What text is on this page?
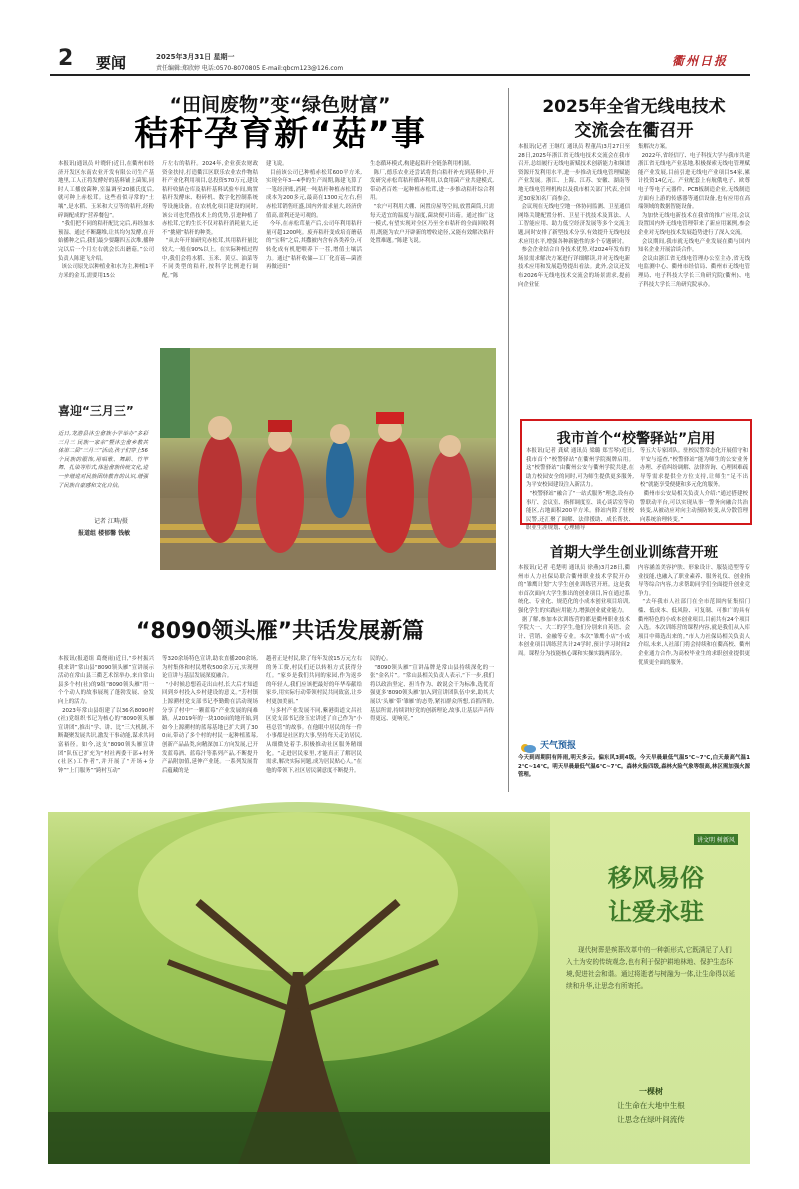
2 要闻	2025年3月31日 星期一
责任编辑:郑欣婷 电话:0570-8070805 E-mail:qbcm123@126.com
衢州日报
“田间废物”变“绿色财富”
秸秆孕育新“菇”事
本报讯(通讯员 叶晓轩)近日,在衢州市经济开发区东南农业开发有限公司生产基地里,工人正将发酵好的基料铺上菌架,同时人工播放菌种,室温调至20摄氏度后,就可种上赤松茸。这些看似寻常的“土壤”,是水稻、玉米和大豆等的秸秆,经粉碎调配成的“营养餐包”。
“我们把不同的秸秆配比完后,再经加水预湿、通过不断翻堆,让其均匀发酵,在开始播种之后,我们最少要翻四五次堆,播种完以后一个月左右就会长出蘑菇。”公司负责人陈建飞介绍。
该公司原先以种植业和水为主,种植1平方米的金耳,需要用15公
斤左右的秸秆。2024年,企业获农财政资金扶持,打造衢江区联乐农业农作物秸秆产业化利用项目,总投资570万元,建设秸秆收储仓库及秸秆基料试验车间,购置秸秆发酵床、粉碎机、数字化控制系统等设施设备。在农机化项目建设的同时,该公司也凭借技术上的优势,引进种植了赤松茸,它的生长不仅对秸秆消耗量大,还不“挑剔”秸秆的种类。
“从去年开始研究赤松茸,其用秸秆量比较大,一般在90%以上。在实际种植过程中,我们会将水稻、玉米、黄豆、油菜等不同类型的秸秆,按科学比例进行调配。”陈
建飞说。
目前该公司已种植赤松茸600平方米,实现全年3—4季的生产周期,陈建飞算了一笔经济账,消耗一吨秸秆种植赤松茸的成本为200多元,最高在1300元左右,但赤松茸销售旺盛,国内外需求量大,经济价值高,盈利还是可观的。
今年,在赤松茸量产后,公司年利用秸秆量可超1200吨。废弃秸秆变成培育蘑菇的“宝料”之后,其撒被内含有各类养分,可转化成有机肥喂养下一茬,增值土壤活力。通过“秸秆收储—工厂化育菇—菌渣再做还田”
生态循环模式,构建起秸秆全链条利用机制。
陈厂,德乐农业还尝试将贵白秸秆补充到基料中,开发研究赤松茸秸秆循环利用,以食用菌产业共建模式,带动者百姓一起种植赤松茸,进一步推动秸秆综合利用。
“农户可利用大棚、闲置房屋等空间,放置菌筒,只需每天适宜的温度与湿度,菌块便可出菇。通过推广这一模式,有望实现对全区乃至全市秸秆的全面回收利用,既能为农户开辟新的增收途径,又能有效解决秸秆处置难题。”陈建飞说。
喜迎“三月三”
近日,龙游县沐尘畲族小学举办“多彩三月三 民族一家亲”暨沐尘畲乡教共体第二届“三月三”活动,孩子们穿上56个民族的服饰,用唱歌、舞蹈、竹竿舞、扎染等形式,体验畲族传统文化,进一步增进对民族团结教育的认识,增强了民族自豪感和文化自信。
记者 江畴/摄
报道组 楼郁馨 钱敏
“8090领头雁”共话发展新篇
本报讯(报道组 葛烧雨)近日,“乡村振兴我来讲”常山县“8090领头雁”宣讲展示活动在常山县三衢艺术馆举办,来自常山县多个村(社)的9组“8090领头雁”用一个个动人的故事展现了蓬勃发展、奋发向上的活力。
2023年常山县组建了以36名8090村(社)党组织书记为核心的“8090领头雁宣讲团”,推出“学、讲、比”三大机制,不断凝聚发展共识,激发干事动能,谋求共同富裕径。如今,这支“8090领头雁宣讲团”队伍已扩充为“村社两委干部+村务(社区)工作者”,并开展了“开场+分钟”“上门服务”“跨村互动”
等320余场特色宣讲,助农直播200余场,为村集体和村民增收500余万元,实现理论宣讲与基层发展深度融合。
“小时候总想着走出山村,长大后才知道回到乡村投入乡村建设的意义。”芳村镇上源溯村党支部书记李勤勤在活动现场分享了村中“一颗蓝莓”产业发展的闯难路。从2019年的一块100亩的地开始,到如今上源溯村的蓝莓基地已扩大到了300亩,带动了多个村的村民一起种植蓝莓,创新产品品类,向精深加工方向发展,已开发蓝莓酒、蓝莓汁等系列产品,不断提升产品附加值,延伸产业链。一系列发展背后蕴藏的是
越者正是村民,除了每年发放15万元左右的务工费,村民们还以转租方式获得分红。“家乡是我们共同的家园,作为返乡的年轻人,我们应该把最好的年华奉献给家乡,用实际行动带领村民共同致富,让乡村更加美丽。”
与多村产业发展不同,紫港街道文昌社区党支部书记徐玉宏讲述了自己作为“小巷总管”的故事。在他眼中居民的每一件小事都是社区的大事,坚持每天走访居民,从细微处着手,积极推动社区服务精细化。“走进居民家里,才能真正了解居民需求,解决实际问题,成为居民贴心人。”在他的带领下,社区居民满意度不断提升。
民的心。
“8090领头雁”宣讲品牌是常山县持续深化的一张“金名片”。“常山县相关负责人表示,“下一步,我们将以政治坚定、担当作为、敢说会干为标准,选优育强更多‘8090领头雁’加入到宣讲团队伍中来,助其大展以‘头雁’带‘雏雁’的态势,紧扣群众所想,首抓所盼,基层所需,持续讲好党的创新理论,故事,让基层声音传得更远、更响亮。”
2025年全省无线电技术
交流会在衢召开
本报讯(记者 王继红 通讯员 程董昌)3月27日至28日,2025年浙江省无线电技术交流会在我市召开,总结履行无线电新赋技术创新能力和频谱资源开发利用水平,进一步推动无线电管理赋能产业发展。浙江、上海、江苏、安徽、湖南等地无线电管理机构以及我市相关部门代表,全国近30家知名厂商参会。
会议现在无线电空地一体协同监测、卫星通信网络关键配置分析、卫星干扰技术及算法、人工智能应用、助力低空经济发展等多个交流主题,同时安排了新型技术分享,有效提升无线电技术应用水平,增强各种新能性的多个专题研讨。
参会企业结合自身技术优势,对2024年发布的场景需求解决方案进行详细解读,并对无线电新技术应用和发展趋势提出看法。此外,会议还发布2026年无线电技术交流会的场景需求,提前向企业征
集解决方案。
2022年,省经信厅、电子科技大学与我市共建浙江省无线电产业基地,积极探索无线电管理赋能产业发展,目前引进无线电产业项目54家,累计投资14亿元。产业配套上有航俄电子、欧尊电子等电子元器件、PCB板制造企业,无线制造方面有上游的传感器等通信设备,也有应用在高端领域的数据智能设备。
为加快无线电新技术在我省的推广应用,会议设置国内外无线电管理带来了新应用案例,参会企业对无线电技术发展趋势进行了深入交流。
会议期间,我市就无线电产业发展在衢与国内知名企业开展洽谈合作。
会议由浙江省无线电管理办公室主办,省无线电监测中心、衢州市经信局、衢州市无线电管理局、电子科技大学长三角研究院(衢州)、电子科技大学长三角研究院承办。
我市首个“校警驿站”启用
本报讯(记者 龚斌 通讯员 梁璐 郑雪琴)近日,我市首个“校警驿站”在衢州学院揭牌启用。这“校警驿站”由衢州公安与衢州学院共建,在助力校园安全的同时,可为师生提供更多服务,为平安校园建设注入新活力。
“校警驿站”融合了“一站式服务”理念,设有办事厅、会议室、指挥调度室、谈心谈话室等功能区,占地面积200平方米。驿站内除了驻校民警,还汇聚了调解、法律援助、成长帮扶、职业生涯规划、心理辅导
等五大专家团队。驻校民警常态化开展值守和平安与巡查,“校警驿站”能为师生的公安业务办理、矛盾纠纷调解、法律咨询、心理困难疏导等需求提供全方位支持,让师生“足不出校”就能享受便捷和多元化的服务。
衢州市公安局相关负责人介绍:“通过搭建校警联动平台,可以实现从事一警务向融合共治转变,从被动应对向主动预防转变,从分散管理向系统治理转变。”
首期大学生创业训练营开班
本报讯(记者 毛楚明 通讯员 徐燕)3月28日,衢州市人力社保局联合衢州职业技术学院开办的“雏鹰计划”大学生创业训练营开班。这是我市首次面向大学生推出的创业项目,旨在通过系统化、专业化、规范化的小成本创业项目培训,强化学生的实践应用能力,增强创业就业能力。
据了解,参加本次训练营的都是衢州职业技术学院大一、大二的学生,他们分别来自英语、会计、营销、金融等专业。本次“雏鹰小店”小成本创业项目训练营共计24学时,预计学习时间2周。课程分为技能核心课和实操实践两部分。
内容涵盖美容护肤、形象设计、服装造型等专业技能,也融入了职业素养、服务礼仪、创业指导等综合内容,力求帮助同学们全面提升创业竞争力。
“去年我市人社部门在全市范围内征集招门槛、低成本、低风险、可复制、可推广的具有衢州特色的小成本创业项目,目前共有24个项目入选。本次训练营的课程内容,就是我们从入库项目中筛选出来的。”市人力社保局相关负责人介绍,未来,人社部门将会持续和在衢高校、衢州企业通力合作,为高校毕业生的求职创业提供更优质更全面的服务。
天气预报
今天到周期阴有阵雨,明天多云。偏东风3到4级。今天早晨最低气温5℃~7℃,白天最高气温12℃~14℃。明天早晨最低气温6℃~7℃。森林火险四级,森林火险气象等级高,林区需加强火源管理。
讲文明 树新风
移风易俗
让爱永驻
现代树葬是殡葬改革中的一种新形式,它既满足了人们入土为安的传统观念,也有利于保护耕地林地、保护生态环境,促进社会和谐。通过将逝者与树融为一体,让生命得以延续和升华,让思念有所寄托。
一棵树
让生命在大地中生根
让思念在绿叶间流传
